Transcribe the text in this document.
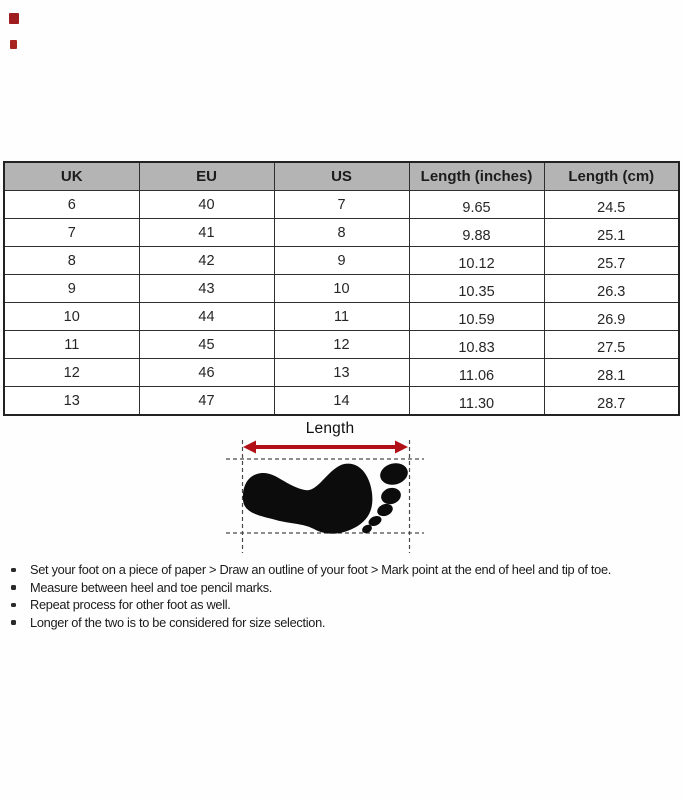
UK	EU	US	Length (inches)	Length (cm)
6	40	7	9.65	24.5
7	41	8	9.88	25.1
8	42	9	10.12	25.7
9	43	10	10.35	26.3
10	44	11	10.59	26.9
11	45	12	10.83	27.5
12	46	13	11.06	28.1
13	47	14	11.30	28.7
Length
Set your foot on a piece of paper > Draw an outline of your foot > Mark point at the end of heel and tip of toe.
Measure between heel and toe pencil marks.
Repeat process for other foot as well.
Longer of the two is to be considered for size selection.
